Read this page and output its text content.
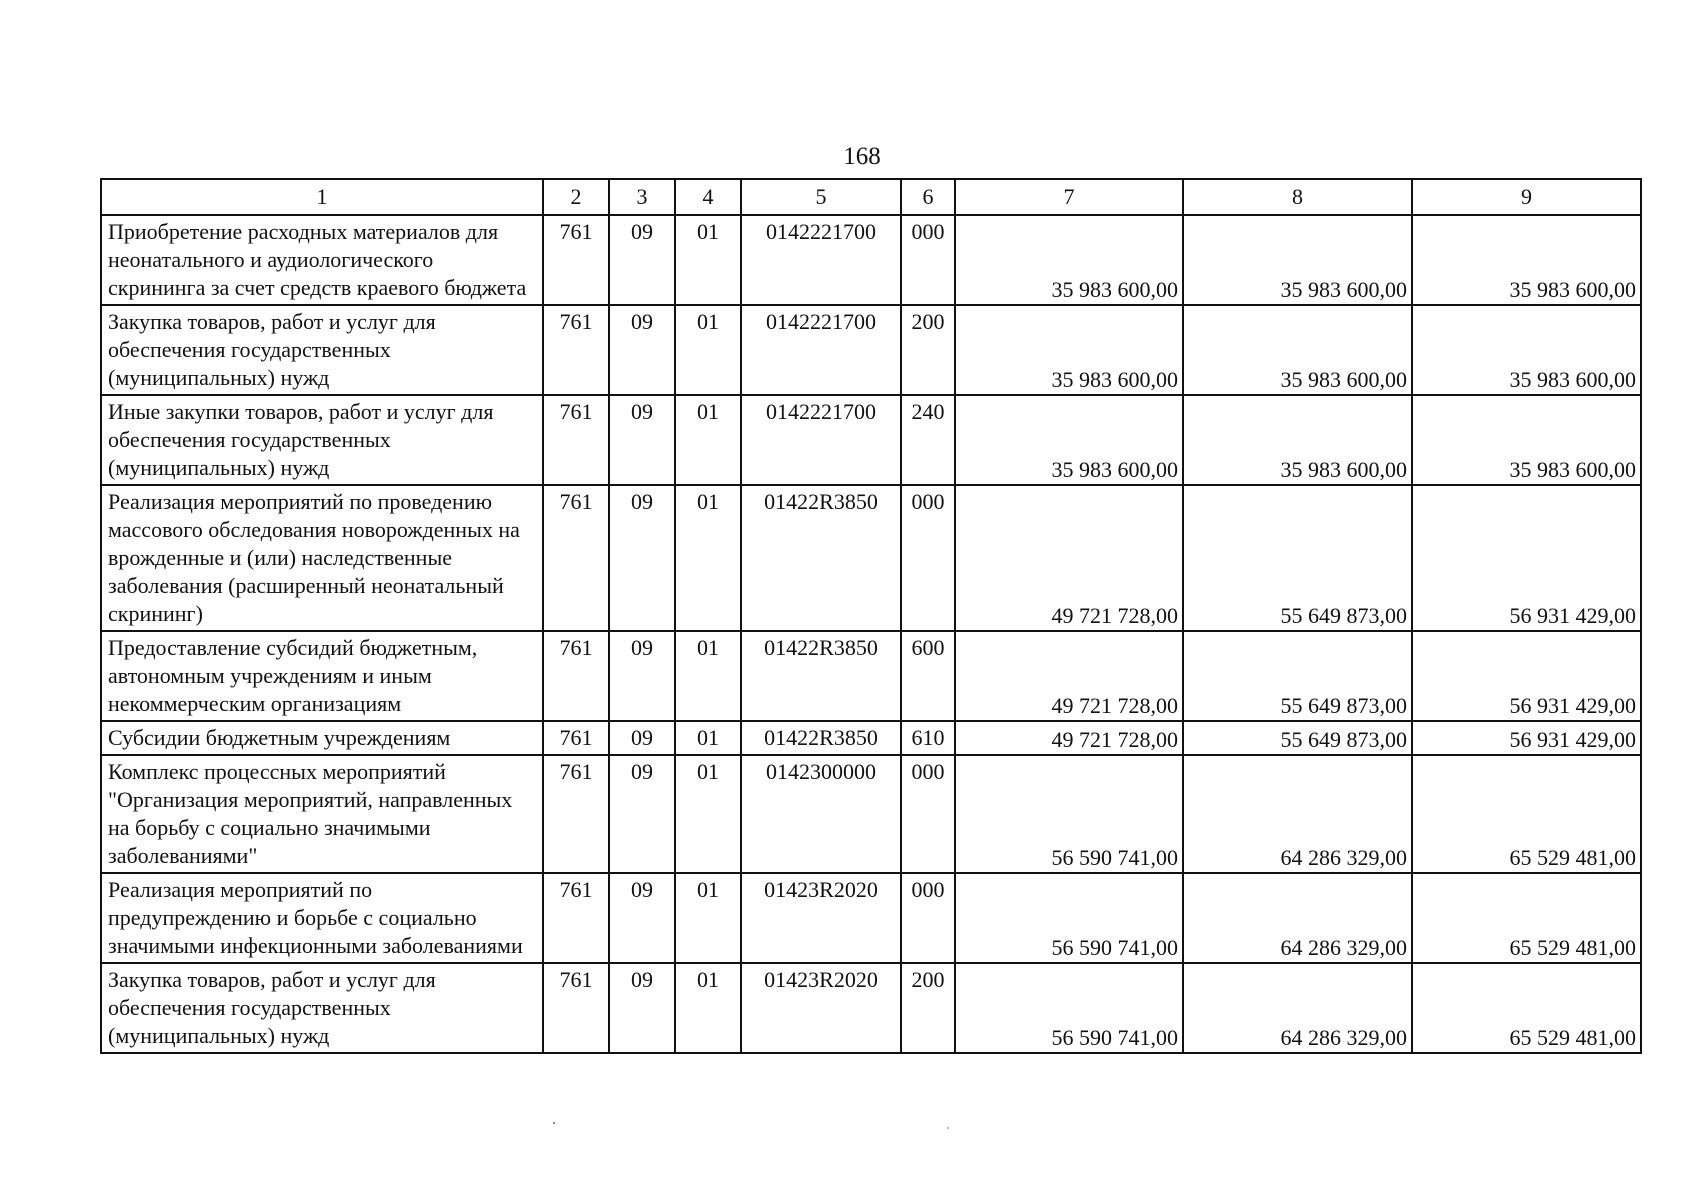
168
1	2	3	4	5	6	7	8	9
Приобретение расходных материалов для неонатального и аудиологического скрининга за счет средств краевого бюджета	761	09	01	0142221700	000	35 983 600,00	35 983 600,00	35 983 600,00
Закупка товаров, работ и услуг для обеспечения государственных (муниципальных) нужд	761	09	01	0142221700	200	35 983 600,00	35 983 600,00	35 983 600,00
Иные закупки товаров, работ и услуг для обеспечения государственных (муниципальных) нужд	761	09	01	0142221700	240	35 983 600,00	35 983 600,00	35 983 600,00
Реализация мероприятий по проведению массового обследования новорожденных на врожденные и (или) наследственные заболевания (расширенный неонатальный скрининг)	761	09	01	01422R3850	000	49 721 728,00	55 649 873,00	56 931 429,00
Предоставление субсидий бюджетным, автономным учреждениям и иным некоммерческим организациям	761	09	01	01422R3850	600	49 721 728,00	55 649 873,00	56 931 429,00
Субсидии бюджетным учреждениям	761	09	01	01422R3850	610	49 721 728,00	55 649 873,00	56 931 429,00
Комплекс процессных мероприятий "Организация мероприятий, направленных на борьбу с социально значимыми заболеваниями"	761	09	01	0142300000	000	56 590 741,00	64 286 329,00	65 529 481,00
Реализация мероприятий по предупреждению и борьбе с социально значимыми инфекционными заболеваниями	761	09	01	01423R2020	000	56 590 741,00	64 286 329,00	65 529 481,00
Закупка товаров, работ и услуг для обеспечения государственных (муниципальных) нужд	761	09	01	01423R2020	200	56 590 741,00	64 286 329,00	65 529 481,00
